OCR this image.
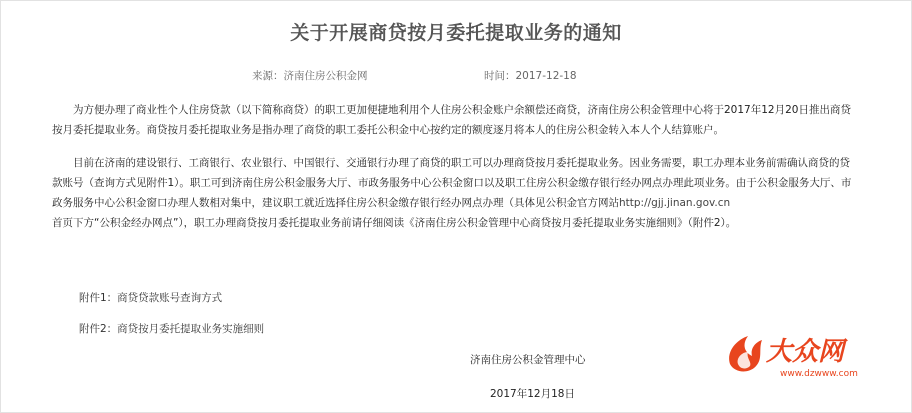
关于开展商贷按月委托提取业务的通知
来源：济南住房公积金网	时间：2017-12-18

为方便办理了商业性个人住房贷款（以下简称商贷）的职工更加便捷地利用个人住房公积金账户余额偿还商贷，济南住房公积金管理中心将于2017年12月20日推出商贷按月委托提取业务。商贷按月委托提取业务是指办理了商贷的职工委托公积金中心按约定的额度逐月将本人的住房公积金转入本人个人结算账户。

目前在济南的建设银行、工商银行、农业银行、中国银行、交通银行办理了商贷的职工可以办理商贷按月委托提取业务。因业务需要，职工办理本业务前需确认商贷的贷款账号（查询方式见附件1）。职工可到济南住房公积金服务大厅、市政务服务中心公积金窗口以及职工住房公积金缴存银行经办网点办理此项业务。由于公积金服务大厅、市政务服务中心公积金窗口办理人数相对集中，建议职工就近选择住房公积金缴存银行经办网点办理（具体见公积金官方网站http://gjj.jinan.gov.cn
首页下方“公积金经办网点”），职工办理商贷按月委托提取业务前请仔细阅读《济南住房公积金管理中心商贷按月委托提取业务实施细则》（附件2）。

附件1：商贷贷款账号查询方式
附件2：商贷按月委托提取业务实施细则
济南住房公积金管理中心
2017年12月18日
大众网
www.dzwww.com
